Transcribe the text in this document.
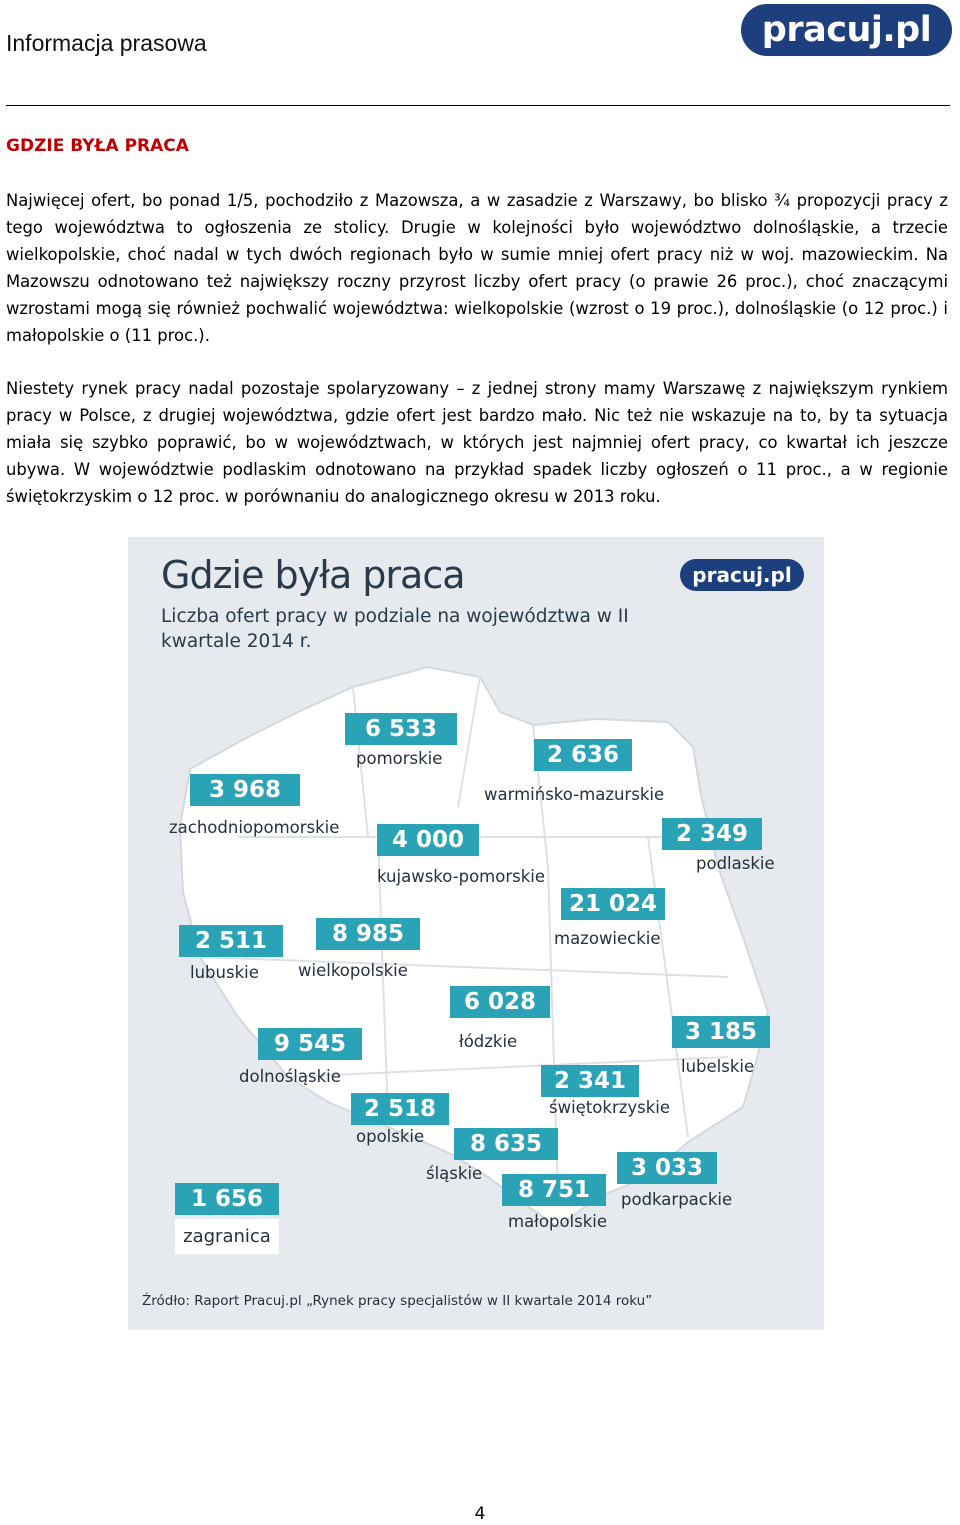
Informacja prasowa	pracuj.pl
GDZIE BYŁA PRACA
Najwięcej ofert, bo ponad 1/5, pochodziło z Mazowsza, a w zasadzie z Warszawy, bo blisko ¾ propozycji pracy z tego województwa to ogłoszenia ze stolicy. Drugie w kolejności było województwo dolnośląskie, a trzecie wielkopolskie, choć nadal w tych dwóch regionach było w sumie mniej ofert pracy niż w woj. mazowieckim. Na Mazowszu odnotowano też największy roczny przyrost liczby ofert pracy (o prawie 26 proc.), choć znaczącymi wzrostami mogą się również pochwalić województwa: wielkopolskie (wzrost o 19 proc.), dolnośląskie (o 12 proc.) i małopolskie o (11 proc.).
Niestety rynek pracy nadal pozostaje spolaryzowany – z jednej strony mamy Warszawę z największym rynkiem pracy w Polsce, z drugiej województwa, gdzie ofert jest bardzo mało. Nic też nie wskazuje na to, by ta sytuacja miała się szybko poprawić, bo w województwach, w których jest najmniej ofert pracy, co kwartał ich jeszcze ubywa. W województwie podlaskim odnotowano na przykład spadek liczby ogłoszeń o 11 proc., a w regionie świętokrzyskim o 12 proc. w porównaniu do analogicznego okresu w 2013 roku.
Gdzie była praca
Liczba ofert pracy w podziale na województwa w II kwartale 2014 r.
pracuj.pl
6 533
pomorskie	2 636
warmińsko-mazurskie
3 968
zachodniopomorskie	4 000
kujawsko-pomorskie
2 349
podlaskie
21 024
mazowieckie
2 511
lubuskie
8 985
wielkopolskie
6 028
łódzkie
9 545
dolnośląskie
3 185
lubelskie
2 341
świętokrzyskie
2 518
opolskie	8 635
śląskie	3 033
podkarpackie
8 751
małopolskie
1 656
zagranica
Źródło: Raport Pracuj.pl „Rynek pracy specjalistów w II kwartale 2014 roku”
4
